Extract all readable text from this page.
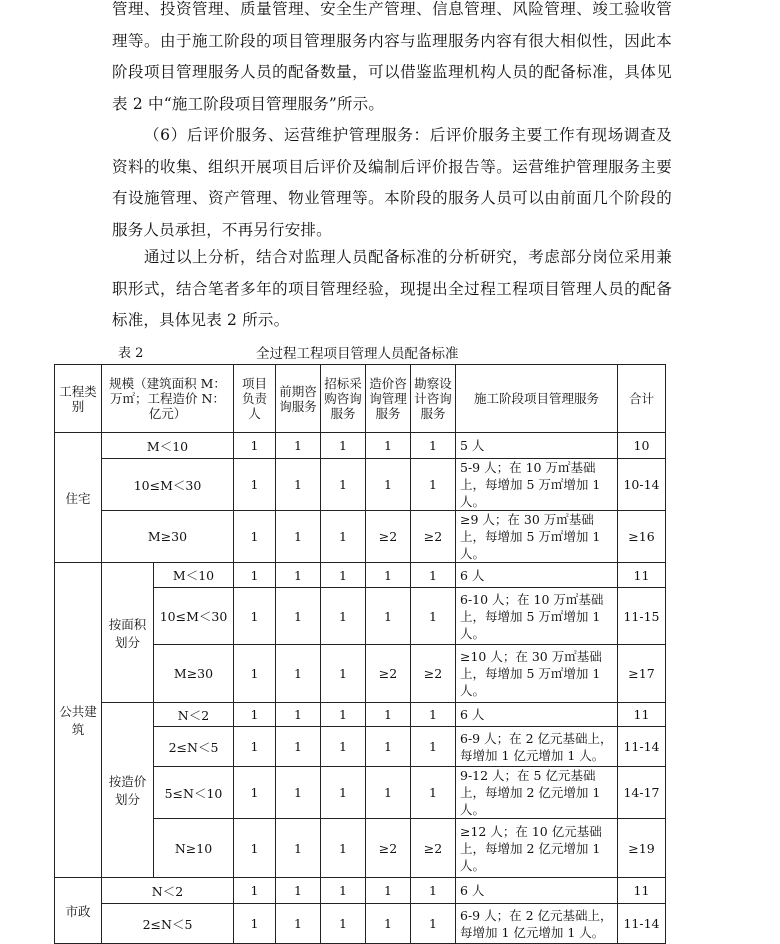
管理、投资管理、质量管理、安全生产管理、信息管理、风险管理、竣工验收管理等。由于施工阶段的项目管理服务内容与监理服务内容有很大相似性，因此本阶段项目管理服务人员的配备数量，可以借鉴监理机构人员的配备标准，具体见表 2 中“施工阶段项目管理服务”所示。

（6）后评价服务、运营维护管理服务：后评价服务主要工作有现场调查及资料的收集、组织开展项目后评价及编制后评价报告等。运营维护管理服务主要有设施管理、资产管理、物业管理等。本阶段的服务人员可以由前面几个阶段的服务人员承担，不再另行安排。

通过以上分析，结合对监理人员配备标准的分析研究，考虑部分岗位采用兼职形式，结合笔者多年的项目管理经验，现提出全过程工程项目管理人员的配备标准，具体见表 2 所示。

表 2	全过程工程项目管理人员配备标准
工程类别	规模（建筑面积 M：万㎡；工程造价 N：亿元）		项目负责人	前期咨询服务	招标采购咨询服务	造价咨询管理服务	勘察设计咨询服务	施工阶段项目管理服务	合计
住宅	M＜10		1	1	1	1	1	5 人	10
	10≤M＜30		1	1	1	1	1	5-9 人；在 10 万㎡基础上，每增加 5 万㎡增加 1 人。	10-14
	M≥30		1	1	1	≥2	≥2	≥9 人；在 30 万㎡基础上，每增加 5 万㎡增加 1 人。	≥16
公共建筑	按面积划分	M＜10	1	1	1	1	1	6 人	11
		10≤M＜30	1	1	1	1	1	6-10 人；在 10 万㎡基础上，每增加 5 万㎡增加 1 人。	11-15
		M≥30	1	1	1	≥2	≥2	≥10 人；在 30 万㎡基础上，每增加 5 万㎡增加 1 人。	≥17
	按造价划分	N＜2	1	1	1	1	1	6 人	11
		2≤N＜5	1	1	1	1	1	6-9 人；在 2 亿元基础上，每增加 1 亿元增加 1 人。	11-14
		5≤N＜10	1	1	1	1	1	9-12 人；在 5 亿元基础上，每增加 2 亿元增加 1 人。	14-17
		N≥10	1	1	1	≥2	≥2	≥12 人；在 10 亿元基础上，每增加 2 亿元增加 1 人。	≥19
市政	N＜2		1	1	1	1	1	6 人	11
	2≤N＜5		1	1	1	1	1	6-9 人；在 2 亿元基础上，每增加 1 亿元增加 1 人。	11-14
